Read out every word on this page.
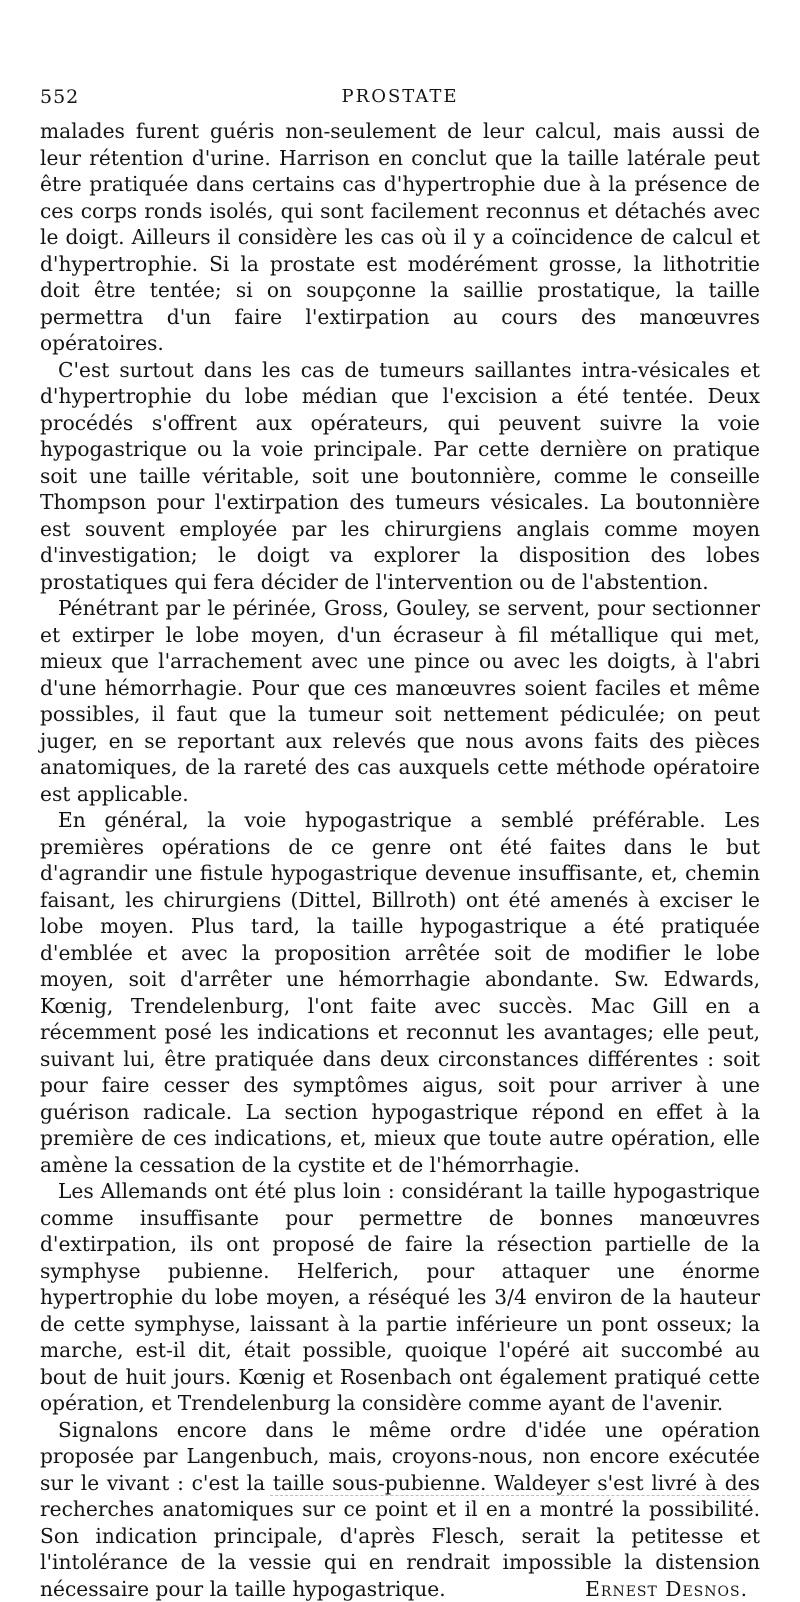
552	PROSTATE

malades furent guéris non-seulement de leur calcul, mais aussi de leur rétention d'urine. Harrison en conclut que la taille latérale peut être pratiquée dans certains cas d'hypertrophie due à la présence de ces corps ronds isolés, qui sont facilement reconnus et détachés avec le doigt. Ailleurs il considère les cas où il y a coïncidence de calcul et d'hypertrophie. Si la prostate est modérément grosse, la lithotritie doit être tentée; si on soupçonne la saillie prostatique, la taille permettra d'un faire l'extirpation au cours des manœuvres opératoires.

C'est surtout dans les cas de tumeurs saillantes intra-vésicales et d'hypertrophie du lobe médian que l'excision a été tentée. Deux procédés s'offrent aux opérateurs, qui peuvent suivre la voie hypogastrique ou la voie principale. Par cette dernière on pratique soit une taille véritable, soit une boutonnière, comme le conseille Thompson pour l'extirpation des tumeurs vésicales. La boutonnière est souvent employée par les chirurgiens anglais comme moyen d'investigation; le doigt va explorer la disposition des lobes prostatiques qui fera décider de l'intervention ou de l'abstention.

Pénétrant par le périnée, Gross, Gouley, se servent, pour sectionner et extirper le lobe moyen, d'un écraseur à fil métallique qui met, mieux que l'arrachement avec une pince ou avec les doigts, à l'abri d'une hémorrhagie. Pour que ces manœuvres soient faciles et même possibles, il faut que la tumeur soit nettement pédiculée; on peut juger, en se reportant aux relevés que nous avons faits des pièces anatomiques, de la rareté des cas auxquels cette méthode opératoire est applicable.

En général, la voie hypogastrique a semblé préférable. Les premières opérations de ce genre ont été faites dans le but d'agrandir une fistule hypogastrique devenue insuffisante, et, chemin faisant, les chirurgiens (Dittel, Billroth) ont été amenés à exciser le lobe moyen. Plus tard, la taille hypogastrique a été pratiquée d'emblée et avec la proposition arrêtée soit de modifier le lobe moyen, soit d'arrêter une hémorrhagie abondante. Sw. Edwards, Kœnig, Trendelenburg, l'ont faite avec succès. Mac Gill en a récemment posé les indications et reconnut les avantages; elle peut, suivant lui, être pratiquée dans deux circonstances différentes : soit pour faire cesser des symptômes aigus, soit pour arriver à une guérison radicale. La section hypogastrique répond en effet à la première de ces indications, et, mieux que toute autre opération, elle amène la cessation de la cystite et de l'hémorrhagie.

Les Allemands ont été plus loin : considérant la taille hypogastrique comme insuffisante pour permettre de bonnes manœuvres d'extirpation, ils ont proposé de faire la résection partielle de la symphyse pubienne. Helferich, pour attaquer une énorme hypertrophie du lobe moyen, a réséqué les 3/4 environ de la hauteur de cette symphyse, laissant à la partie inférieure un pont osseux; la marche, est-il dit, était possible, quoique l'opéré ait succombé au bout de huit jours. Kœnig et Rosenbach ont également pratiqué cette opération, et Trendelenburg la considère comme ayant de l'avenir.

Signalons encore dans le même ordre d'idée une opération proposée par Langenbuch, mais, croyons-nous, non encore exécutée sur le vivant : c'est la taille sous-pubienne. Waldeyer s'est livré à des recherches anatomiques sur ce point et il en a montré la possibilité. Son indication principale, d'après Flesch, serait la petitesse et l'intolérance de la vessie qui en rendrait impossible la distension nécessaire pour la taille hypogastrique.	Ernest Desnos.
